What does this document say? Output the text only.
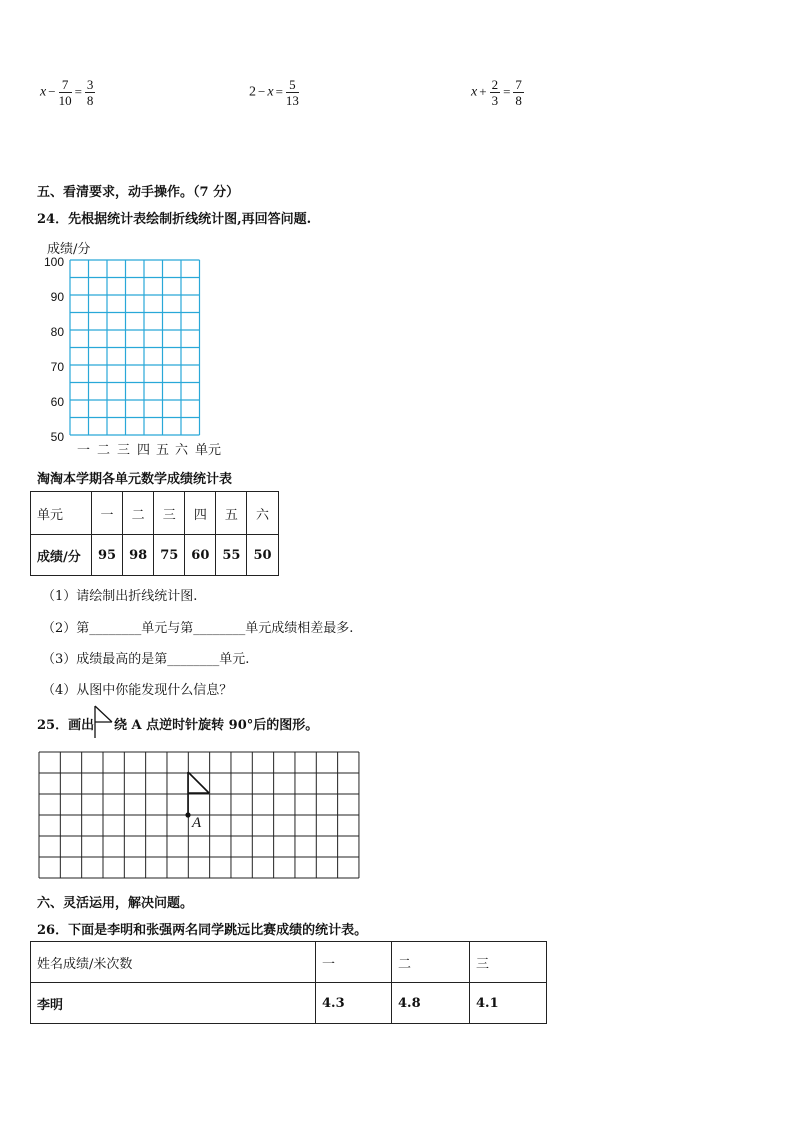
$x - \frac{7}{10} = \frac{3}{8}$	$2 - x = \frac{5}{13}$	$x + \frac{2}{3} = \frac{7}{8}$
五、看清要求，动手操作。（7 分）
24．先根据统计表绘制折线统计图,再回答问题.
成绩/分
100
90
80
70
60
50
一 二 三 四 五 六 单元
淘淘本学期各单元数学成绩统计表
单元	一	二	三	四	五	六
成绩/分	95	98	75	60	55	50
（1）请绘制出折线统计图.
（2）第________单元与第________单元成绩相差最多.
（3）成绩最高的是第________单元.
（4）从图中你能发现什么信息？
25．画出 绕 A 点逆时针旋转 90°后的图形。
A
六、灵活运用，解决问题。
26．下面是李明和张强两名同学跳远比赛成绩的统计表。
姓名成绩/米次数	一	二	三
李明	4.3	4.8	4.1
